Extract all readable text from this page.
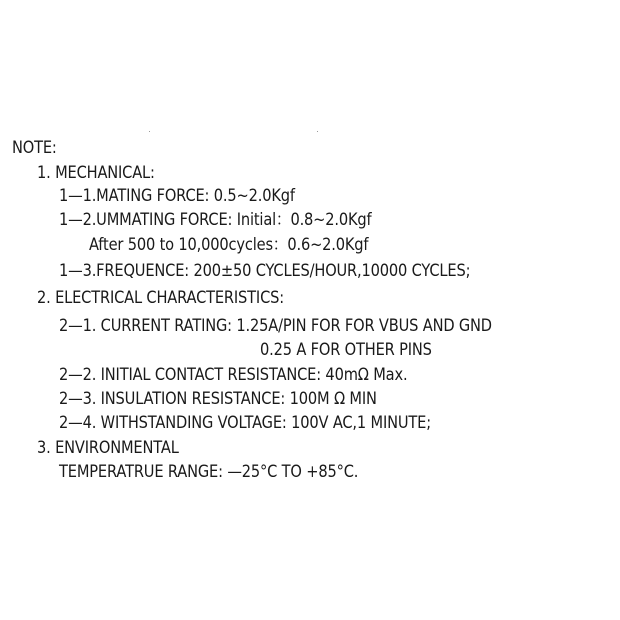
NOTE:
1. MECHANICAL:
1—1.MATING FORCE: 0.5~2.0Kgf
1—2.UMMATING FORCE: Initial：0.8~2.0Kgf
After 500 to 10,000cycles：0.6~2.0Kgf
1—3.FREQUENCE: 200±50 CYCLES/HOUR,10000 CYCLES;
2. ELECTRICAL CHARACTERISTICS:
2—1. CURRENT RATING: 1.25A/PIN FOR FOR VBUS AND GND
0.25 A FOR OTHER PINS
2—2. INITIAL CONTACT RESISTANCE: 40mΩ Max.
2—3. INSULATION RESISTANCE: 100M Ω MIN
2—4. WITHSTANDING VOLTAGE: 100V AC,1 MINUTE;
3. ENVIRONMENTAL
TEMPERATRUE RANGE: —25°C TO +85°C.
